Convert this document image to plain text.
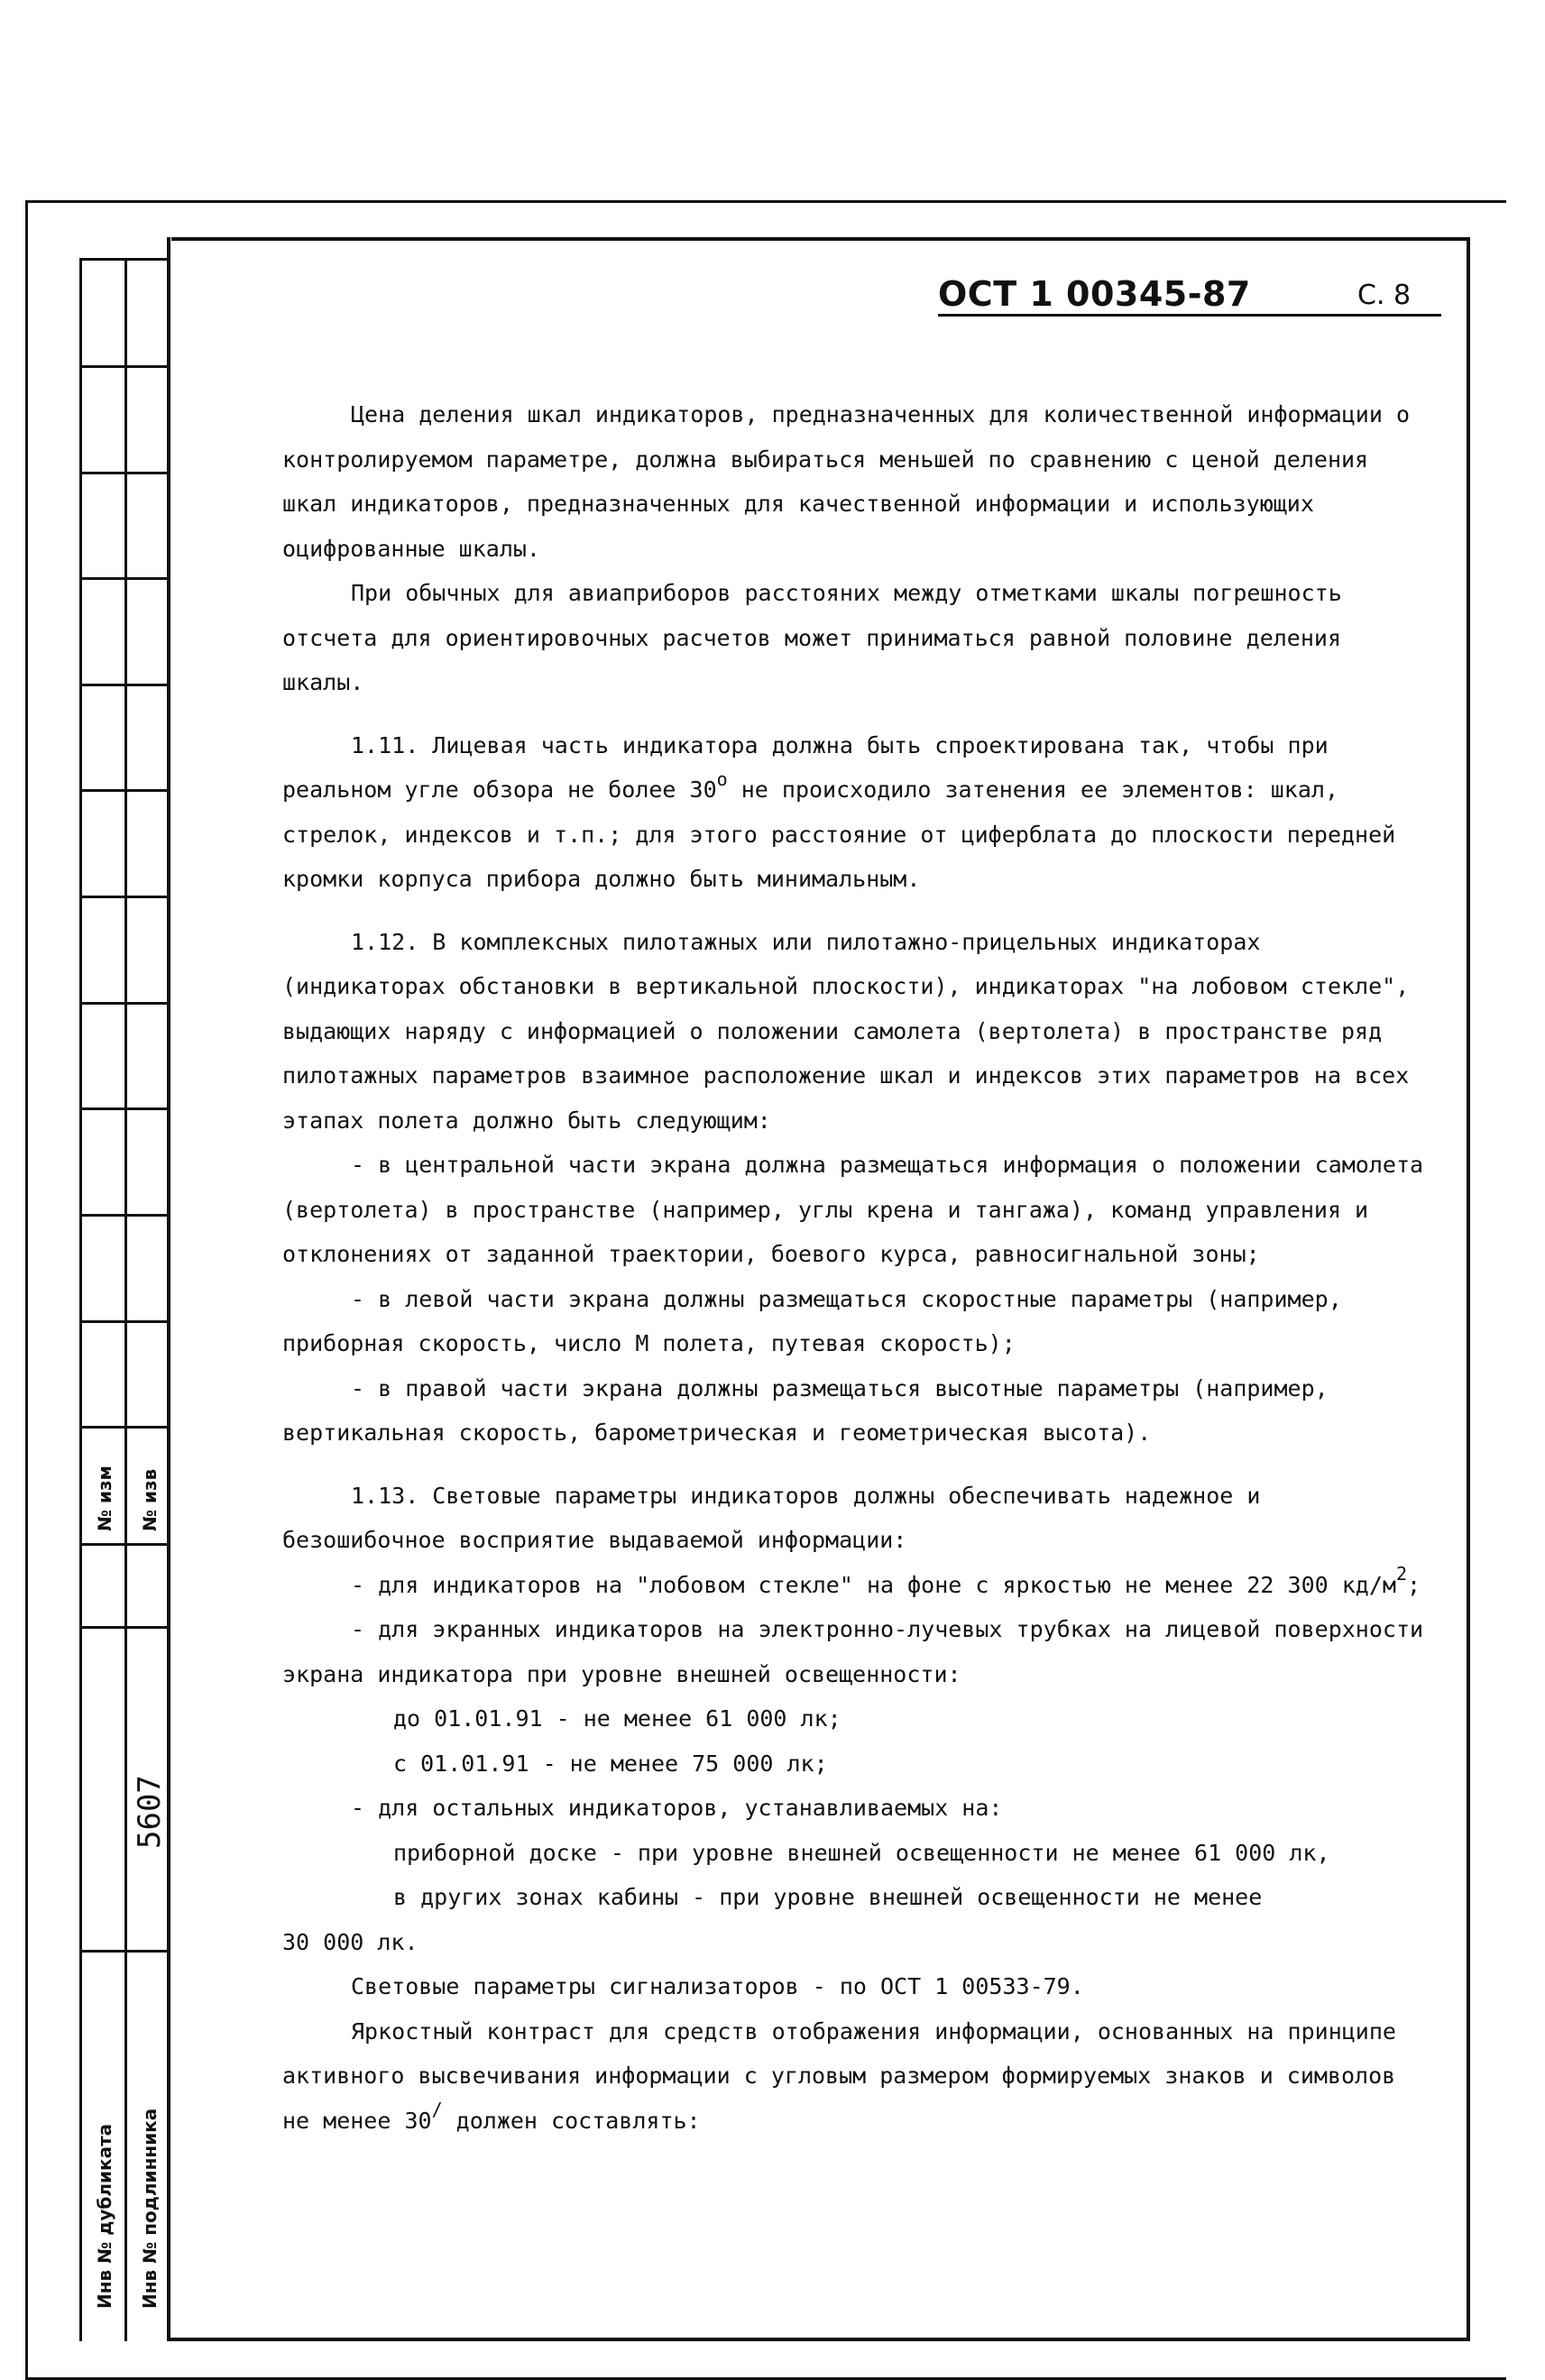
№ изм № изв
5607
Инв № дубликата Инв № подлинника
ОСТ 1 00345-87	С. 8

Цена деления шкал индикаторов, предназначенных для количественной информации о контролируемом параметре, должна выбираться меньшей по сравнению с ценой деления шкал индикаторов, предназначенных для качественной информации и использующих оцифрованные шкалы.

При обычных для авиаприборов расстояних между отметками шкалы погрешность отсчета для ориентировочных расчетов может приниматься равной половине деления шкалы.

1.11. Лицевая часть индикатора должна быть спроектирована так, чтобы при реальном угле обзора не более $30^о$ не происходило затенения ее элементов: шкал, стрелок, индексов и т.п.; для этого расстояние от циферблата до плоскости передней кромки корпуса прибора должно быть минимальным.

1.12. В комплексных пилотажных или пилотажно-прицельных индикаторах (индикаторах обстановки в вертикальной плоскости), индикаторах "на лобовом стекле", выдающих наряду с информацией о положении самолета (вертолета) в пространстве ряд пилотажных параметров взаимное расположение шкал и индексов этих параметров на всех этапах полета должно быть следующим:

- в центральной части экрана должна размещаться информация о положении самолета (вертолета) в пространстве (например, углы крена и тангажа), команд управления и отклонениях от заданной траектории, боевого курса, равносигнальной зоны;

- в левой части экрана должны размещаться скоростные параметры (например, приборная скорость, число М полета, путевая скорость);

- в правой части экрана должны размещаться высотные параметры (например, вертикальная скорость, барометрическая и геометрическая высота).

1.13. Световые параметры индикаторов должны обеспечивать надежное и безошибочное восприятие выдаваемой информации:

- для индикаторов на "лобовом стекле" на фоне с яркостью не менее 22 300 $кд/м^2$;

- для экранных индикаторов на электронно-лучевых трубках на лицевой поверхности экрана индикатора при уровне внешней освещенности:

до 01.01.91 - не менее 61 000 лк;

с 01.01.91 - не менее 75 000 лк;

- для остальных индикаторов, устанавливаемых на:

приборной доске - при уровне внешней освещенности не менее 61 000 лк,

в других зонах кабины - при уровне внешней освещенности не менее

30 000 лк.

Световые параметры сигнализаторов - по ОСТ 1 00533-79.

Яркостный контраст для средств отображения информации, основанных на принципе активного высвечивания информации с угловым размером формируемых знаков и символов не менее 30/ должен составлять:
